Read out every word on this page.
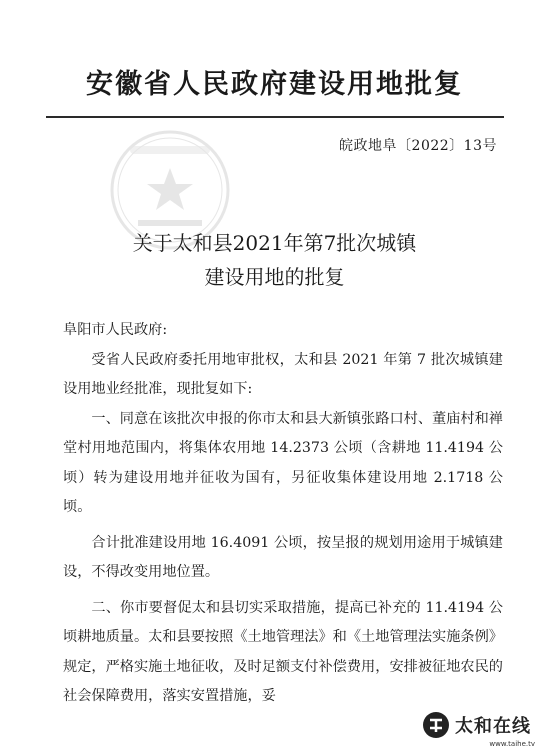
安徽省人民政府建设用地批复
皖政地阜〔2022〕13号
关于太和县2021年第7批次城镇
建设用地的批复

阜阳市人民政府:

受省人民政府委托用地审批权，太和县 2021 年第 7 批次城镇建设用地业经批准，现批复如下:

一、同意在该批次申报的你市太和县大新镇张路口村、董庙村和禅堂村用地范围内，将集体农用地 14.2373 公顷（含耕地 11.4194 公顷）转为建设用地并征收为国有，另征收集体建设用地 2.1718 公顷。

合计批准建设用地 16.4091 公顷，按呈报的规划用途用于城镇建设，不得改变用地位置。

二、你市要督促太和县切实采取措施，提高已补充的 11.4194 公顷耕地质量。太和县要按照《土地管理法》和《土地管理法实施条例》规定，严格实施土地征收，及时足额支付补偿费用，安排被征地农民的社会保障费用，落实安置措施，妥

太和在线
www.taihe.tv
